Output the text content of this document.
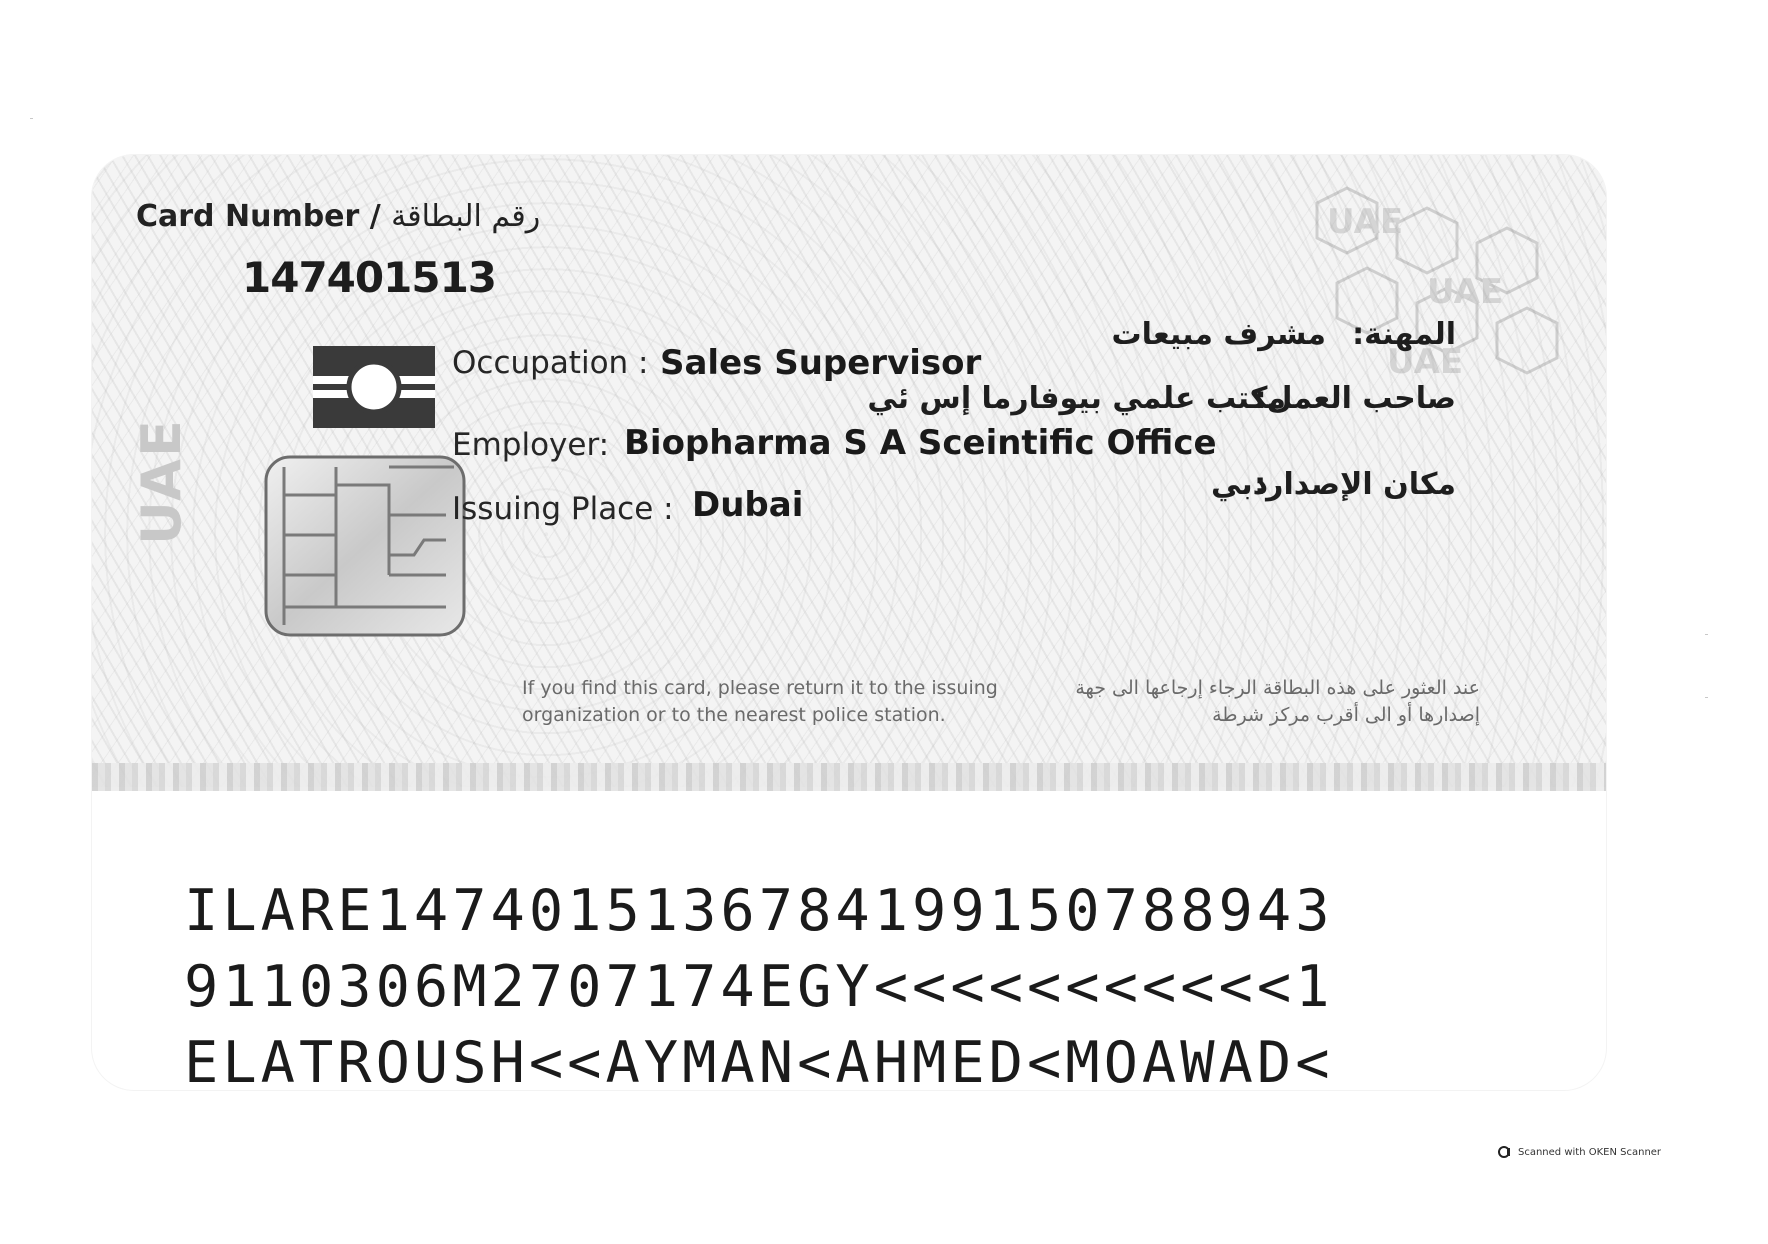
UAE
UAE
UAE
Card Number / رقم البطاقة
147401513
UAE
Occupation : Sales Supervisor
المهنة:
مشرف مبيعات
صاحب العمل:
مكتب علمي بيوفارما إس ئي
Employer: Biopharma S A Sceintific Office
مكان الإصدار:
دبي
Issuing Place : Dubai
If you find this card, please return it to the issuing organization or to the nearest police station.
عند العثور على هذه البطاقة الرجاء إرجاعها الى جهة إصدارها أو الى أقرب مركز شرطة
ILARE147401513678419915078894З
9110306M2707174EGY<<<<<<<<<<<1
ELATROUSH<<AYMAN<AHMED<MOAWAD<
Scanned with OKEN Scanner
